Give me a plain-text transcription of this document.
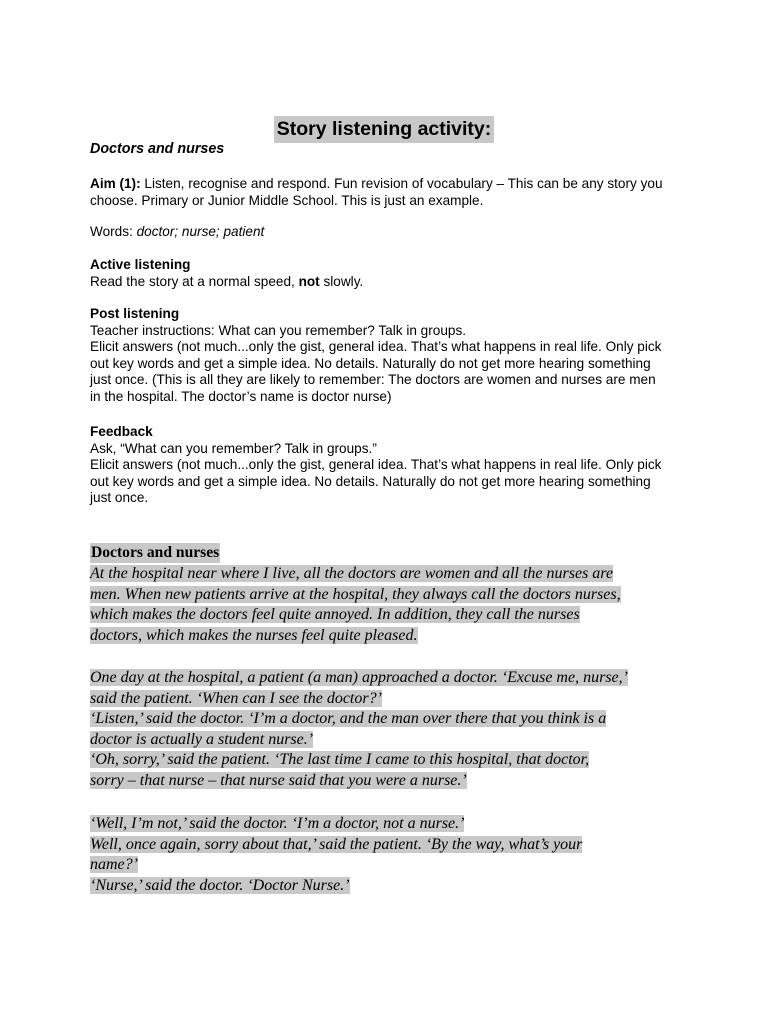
Story listening activity:
Doctors and nurses
Aim (1): Listen, recognise and respond. Fun revision of vocabulary – This can be any story you
choose. Primary or Junior Middle School. This is just an example.
Words: doctor; nurse; patient
Active listening
Read the story at a normal speed, not slowly.
Post listening
Teacher instructions: What can you remember? Talk in groups.
Elicit answers (not much...only the gist, general idea. That’s what happens in real life. Only pick
out key words and get a simple idea. No details. Naturally do not get more hearing something
just once. (This is all they are likely to remember: The doctors are women and nurses are men
in the hospital. The doctor’s name is doctor nurse)
Feedback
Ask, “What can you remember? Talk in groups.”
Elicit answers (not much...only the gist, general idea. That’s what happens in real life. Only pick
out key words and get a simple idea. No details. Naturally do not get more hearing something
just once.
Doctors and nurses
At the hospital near where I live, all the doctors are women and all the nurses are
men. When new patients arrive at the hospital, they always call the doctors nurses,
which makes the doctors feel quite annoyed. In addition, they call the nurses
doctors, which makes the nurses feel quite pleased.
One day at the hospital, a patient (a man) approached a doctor. ‘Excuse me, nurse,’
said the patient. ‘When can I see the doctor?’
‘Listen,’ said the doctor. ‘I’m a doctor, and the man over there that you think is a
doctor is actually a student nurse.’
‘Oh, sorry,’ said the patient. ‘The last time I came to this hospital, that doctor,
sorry – that nurse – that nurse said that you were a nurse.’
‘Well, I’m not,’ said the doctor. ‘I’m a doctor, not a nurse.’
Well, once again, sorry about that,’ said the patient. ‘By the way, what’s your
name?’
‘Nurse,’ said the doctor. ‘Doctor Nurse.’
